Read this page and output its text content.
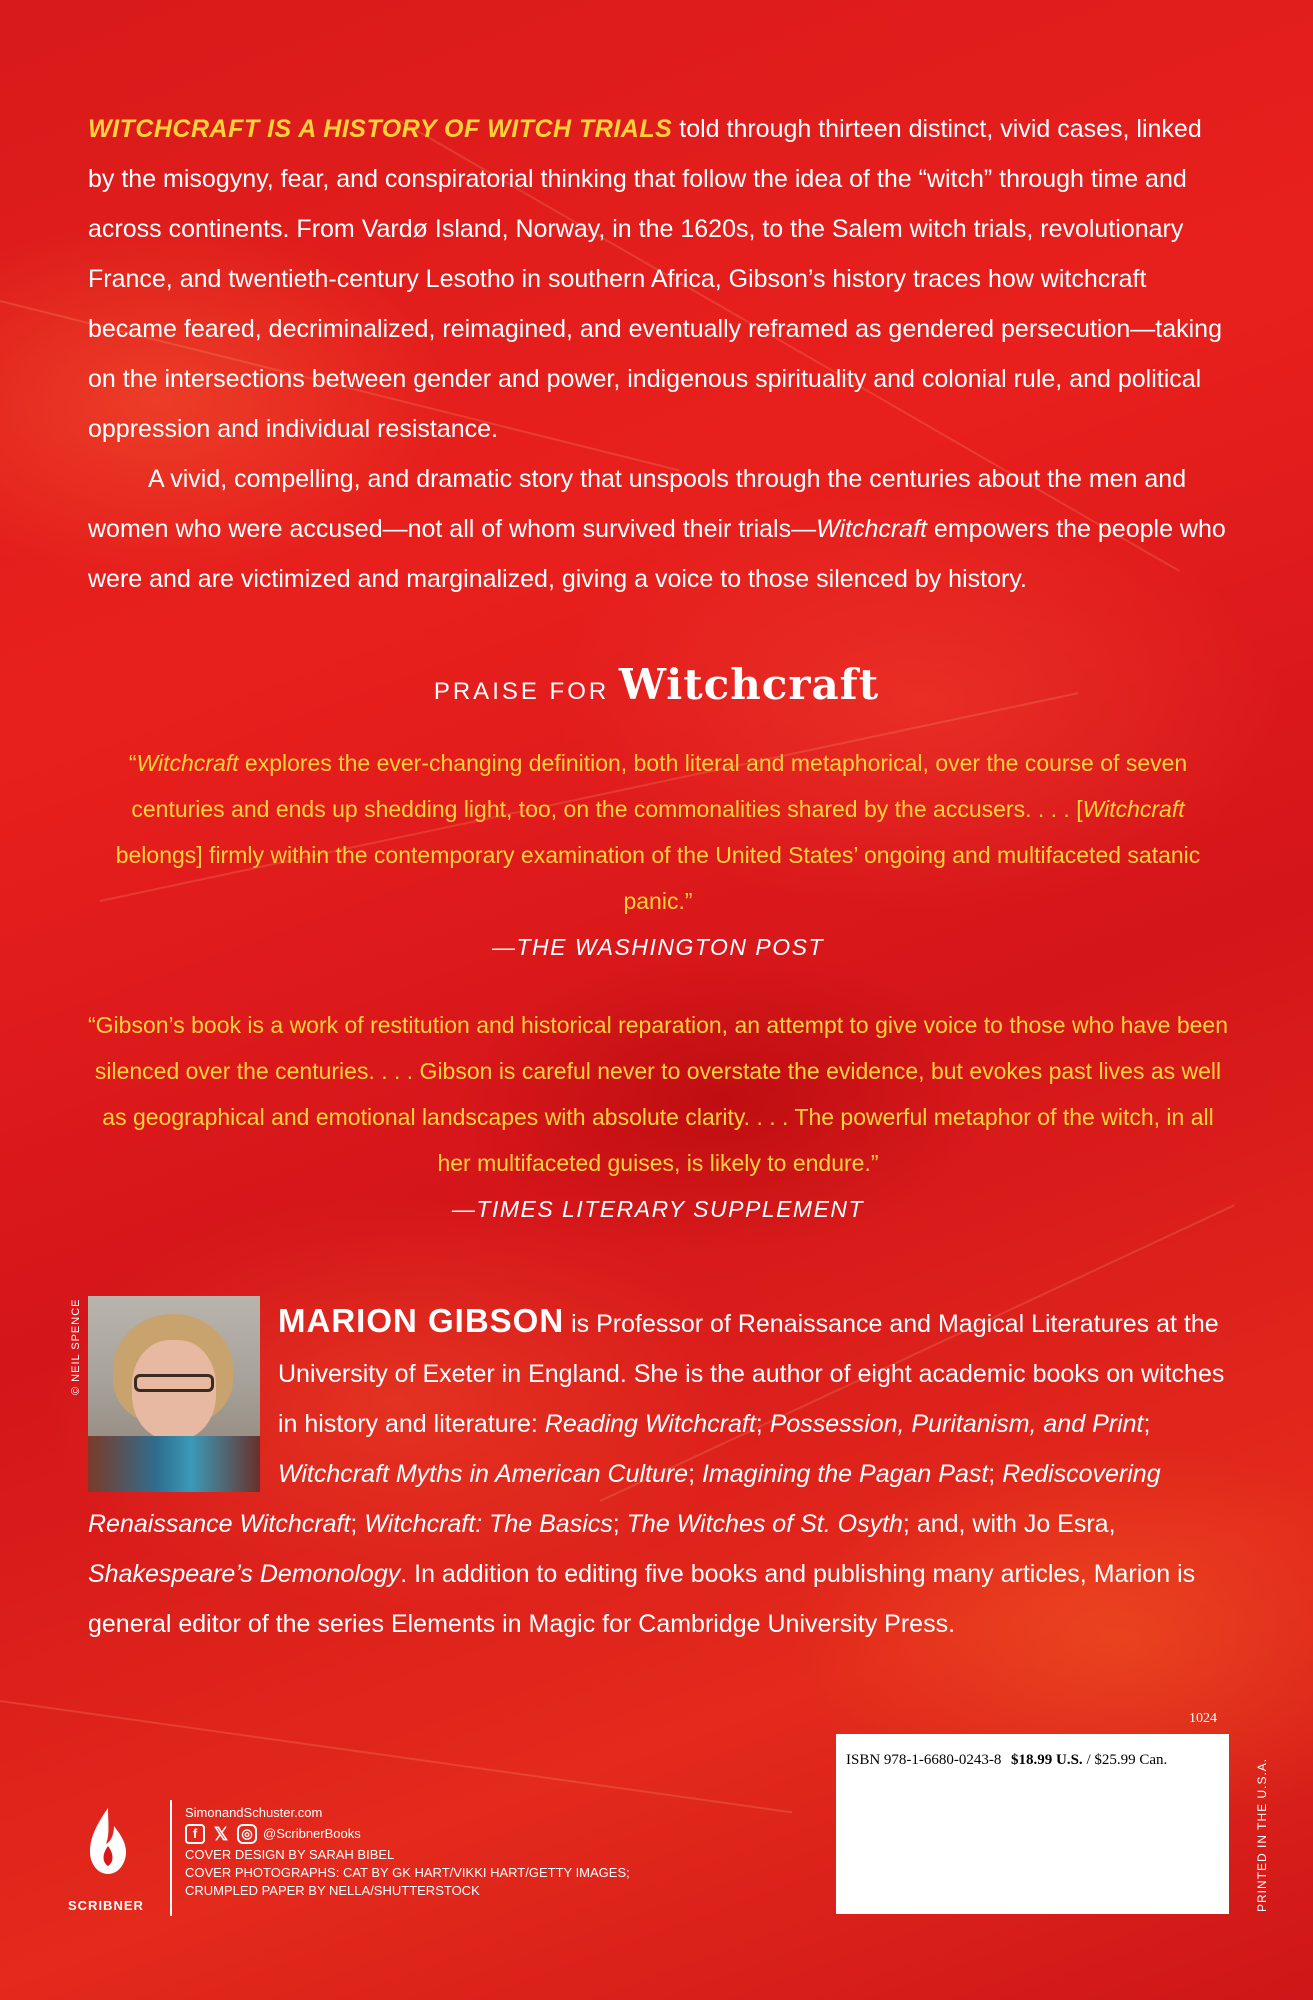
WITCHCRAFT IS A HISTORY OF WITCH TRIALS told through thirteen distinct, vivid cases, linked by the misogyny, fear, and conspiratorial thinking that follow the idea of the “witch” through time and across continents. From Vardø Island, Norway, in the 1620s, to the Salem witch trials, revolutionary France, and twentieth-century Lesotho in southern Africa, Gibson’s history traces how witchcraft became feared, decriminalized, reimagined, and eventually reframed as gendered persecution—taking on the intersections between gender and power, indigenous spirituality and colonial rule, and political oppression and individual resistance.

A vivid, compelling, and dramatic story that unspools through the centuries about the men and women who were accused—not all of whom survived their trials—Witchcraft empowers the people who were and are victimized and marginalized, giving a voice to those silenced by history.

PRAISE FOR Witchcraft
“Witchcraft explores the ever-changing definition, both literal and metaphorical, over the course of seven centuries and ends up shedding light, too, on the commonalities shared by the accusers. . . . [Witchcraft belongs] firmly within the contemporary examination of the United States’ ongoing and multifaceted satanic panic.”
—THE WASHINGTON POST
“Gibson’s book is a work of restitution and historical reparation, an attempt to give voice to those who have been silenced over the centuries. . . . Gibson is careful never to overstate the evidence, but evokes past lives as well as geographical and emotional landscapes with absolute clarity. . . . The powerful metaphor of the witch, in all her multifaceted guises, is likely to endure.”
—TIMES LITERARY SUPPLEMENT
© NEIL SPENCE	MARION GIBSON is Professor of Renaissance and Magical Literatures at the University of Exeter in England. She is the author of eight academic books on witches in history and literature: Reading Witchcraft; Possession, Puritanism, and Print; Witchcraft Myths in American Culture; Imagining the Pagan Past; Rediscovering Renaissance Witchcraft; Witchcraft: The Basics; The Witches of St. Osyth; and, with Jo Esra, Shakespeare’s Demonology. In addition to editing five books and publishing many articles, Marion is general editor of the series Elements in Magic for Cambridge University Press.

1024
ISBN 978-1-6680-0243-8 $18.99 U.S. / $25.99 Can.	PRINTED IN THE U.S.A.
SCRIBNER
SimonandSchuster.com
f 𝕏	◎ @ScribnerBooks
COVER DESIGN BY SARAH BIBEL
COVER PHOTOGRAPHS: CAT BY GK HART/VIKKI HART/GETTY IMAGES;
CRUMPLED PAPER BY NELLA/SHUTTERSTOCK
